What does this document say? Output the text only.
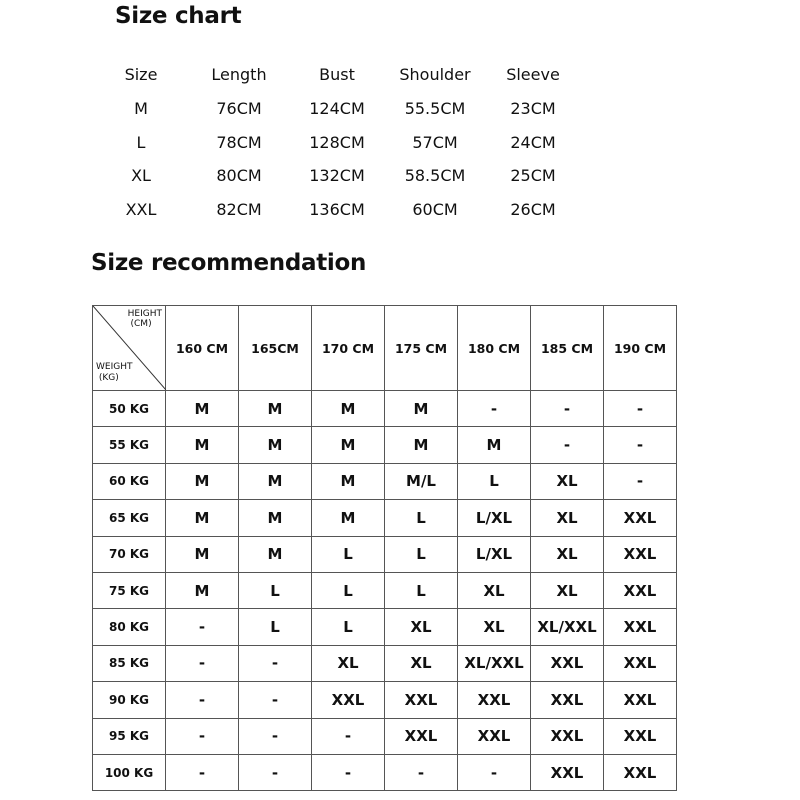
Size chart
Size	Length	Bust	Shoulder	Sleeve
M	76CM	124CM	55.5CM	23CM
L	78CM	128CM	57CM	24CM
XL	80CM	132CM	58.5CM	25CM
XXL	82CM	136CM	60CM	26CM
Size recommendation
HEIGHT
(CM)
WEIGHT
(KG)	160 CM	165CM	170 CM	175 CM	180 CM	185 CM	190 CM
50 KG	M	M	M	M	-	-	-
55 KG	M	M	M	M	M	-	-
60 KG	M	M	M	M/L	L	XL	-
65 KG	M	M	M	L	L/XL	XL	XXL
70 KG	M	M	L	L	L/XL	XL	XXL
75 KG	M	L	L	L	XL	XL	XXL
80 KG	-	L	L	XL	XL	XL/XXL	XXL
85 KG	-	-	XL	XL	XL/XXL	XXL	XXL
90 KG	-	-	XXL	XXL	XXL	XXL	XXL
95 KG	-	-	-	XXL	XXL	XXL	XXL
100 KG	-	-	-	-	-	XXL	XXL
